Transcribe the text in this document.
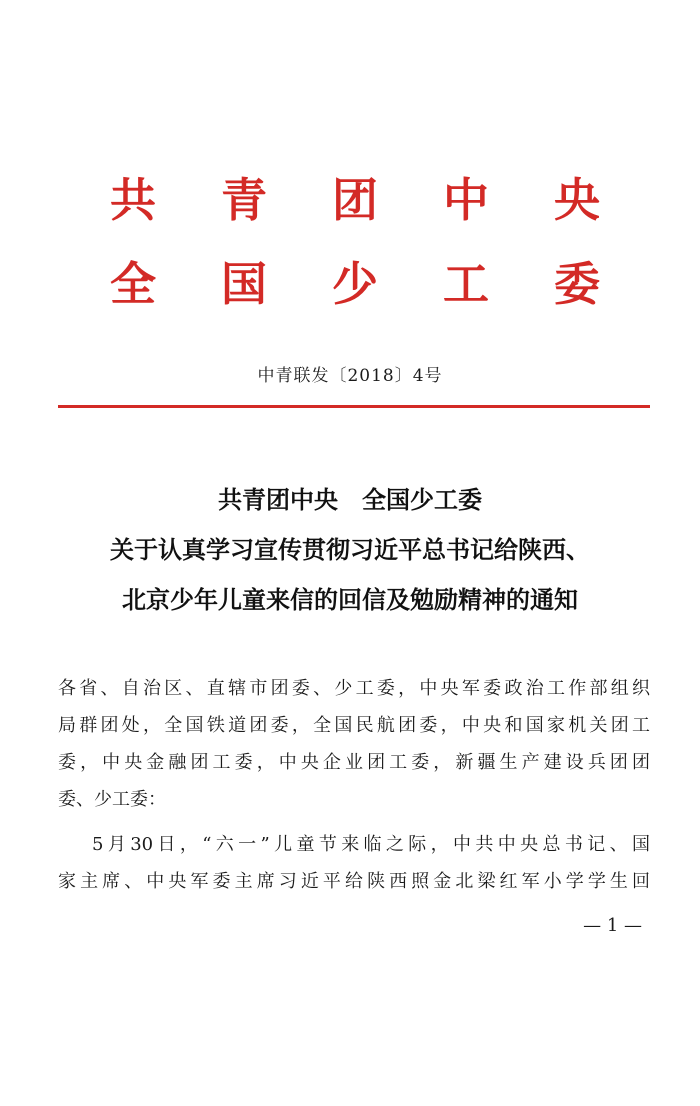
共 青 团 中 央
全 国 少 工 委
中青联发〔2018〕4号
共青团中央　全国少工委
关于认真学习宣传贯彻习近平总书记给陕西、
北京少年儿童来信的回信及勉励精神的通知
各省、自治区、直辖市团委、少工委，中央军委政治工作部组织
局群团处，全国铁道团委，全国民航团委，中央和国家机关团工
委，中央金融团工委，中央企业团工委，新疆生产建设兵团团
委、少工委：
5月30日，“六一”儿童节来临之际，中共中央总书记、国
家主席、中央军委主席习近平给陕西照金北梁红军小学学生回
— 1 —
